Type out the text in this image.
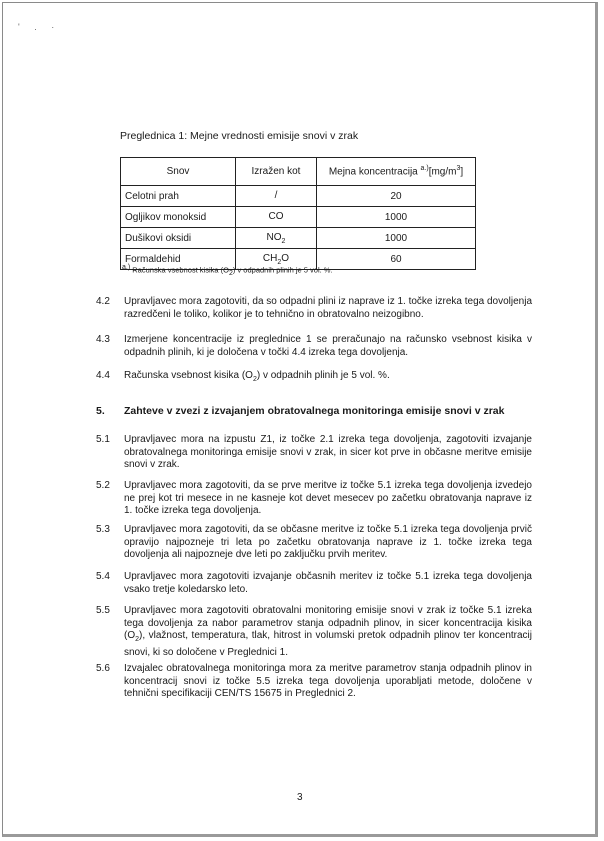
' . ·
Preglednica 1: Mejne vrednosti emisije snovi v zrak
Snov	Izražen kot	Mejna koncentracija $^{a.)}[mg/m^3]$
Celotni prah	/	20
Ogljikov monoksid	CO	1000
Dušikovi oksidi	$NO_2$	1000
Formaldehid	$CH_2O$	60
$^{a.)}$ Računska vsebnost kisika $(O_2)$ v odpadnih plinih je 5 vol. %.
4.2 Upravljavec mora zagotoviti, da so odpadni plini iz naprave iz 1. točke izreka tega dovoljenja razredčeni le toliko, kolikor je to tehnično in obratovalno neizogibno.
4.3 Izmerjene koncentracije iz preglednice 1 se preračunajo na računsko vsebnost kisika v odpadnih plinih, ki je določena v točki 4.4 izreka tega dovoljenja.
4.4 Računska vsebnost kisika $(O_2)$ v odpadnih plinih je 5 vol. %.
5. Zahteve v zvezi z izvajanjem obratovalnega monitoringa emisije snovi v zrak
5.1 Upravljavec mora na izpustu Z1, iz točke 2.1 izreka tega dovoljenja, zagotoviti izvajanje obratovalnega monitoringa emisije snovi v zrak, in sicer kot prve in občasne meritve emisije snovi v zrak.
5.2 Upravljavec mora zagotoviti, da se prve meritve iz točke 5.1 izreka tega dovoljenja izvedejo ne prej kot tri mesece in ne kasneje kot devet mesecev po začetku obratovanja naprave iz 1. točke izreka tega dovoljenja.
5.3 Upravljavec mora zagotoviti, da se občasne meritve iz točke 5.1 izreka tega dovoljenja prvič opravijo najpozneje tri leta po začetku obratovanja naprave iz 1. točke izreka tega dovoljenja ali najpozneje dve leti po zaključku prvih meritev.
5.4 Upravljavec mora zagotoviti izvajanje občasnih meritev iz točke 5.1 izreka tega dovoljenja vsako tretje koledarsko leto.
5.5 Upravljavec mora zagotoviti obratovalni monitoring emisije snovi v zrak iz točke 5.1 izreka tega dovoljenja za nabor parametrov stanja odpadnih plinov, in sicer koncentracija kisika $(O_2)$, vlažnost, temperatura, tlak, hitrost in volumski pretok odpadnih plinov ter koncentracij snovi, ki so določene v Preglednici 1.
5.6 Izvajalec obratovalnega monitoringa mora za meritve parametrov stanja odpadnih plinov in koncentracij snovi iz točke 5.5 izreka tega dovoljenja uporabljati metode, določene v tehnični specifikaciji CEN/TS 15675 in Preglednici 2.
3
